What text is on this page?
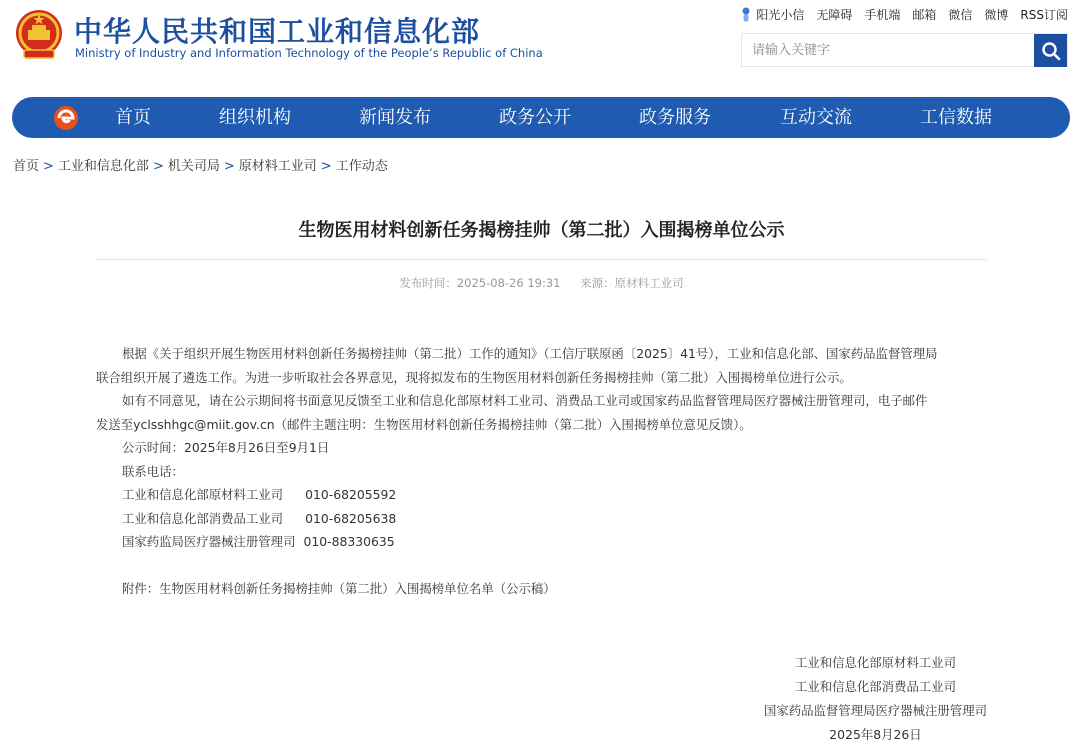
中华人民共和国工业和信息化部
Ministry of Industry and Information Technology of the People’s Republic of China
阳光小信 无障碍 手机端 邮箱 微信 微博 RSS订阅
请输入关键字
首页	组织机构	新闻发布	政务公开	政务服务	互动交流	工信数据
首页 > 工业和信息化部 > 机关司局 > 原材料工业司 > 工作动态
生物医用材料创新任务揭榜挂帅（第二批）入围揭榜单位公示
发布时间：2025-08-26 19:31 来源：原材料工业司

根据《关于组织开展生物医用材料创新任务揭榜挂帅（第二批）工作的通知》（工信厅联原函〔2025〕41号），工业和信息化部、国家药品监督管理局

联合组织开展了遴选工作。为进一步听取社会各界意见，现将拟发布的生物医用材料创新任务揭榜挂帅（第二批）入围揭榜单位进行公示。

如有不同意见，请在公示期间将书面意见反馈至工业和信息化部原材料工业司、消费品工业司或国家药品监督管理局医疗器械注册管理司，电子邮件

发送至yclsshhgc@miit.gov.cn（邮件主题注明：生物医用材料创新任务揭榜挂帅（第二批）入围揭榜单位意见反馈）。

公示时间：2025年8月26日至9月1日

联系电话：

工业和信息化部原材料工业司 010-68205592

工业和信息化部消费品工业司 010-68205638

国家药监局医疗器械注册管理司 010-88330635

附件：生物医用材料创新任务揭榜挂帅（第二批）入围揭榜单位名单（公示稿）

工业和信息化部原材料工业司
工业和信息化部消费品工业司
国家药品监督管理局医疗器械注册管理司
2025年8月26日
